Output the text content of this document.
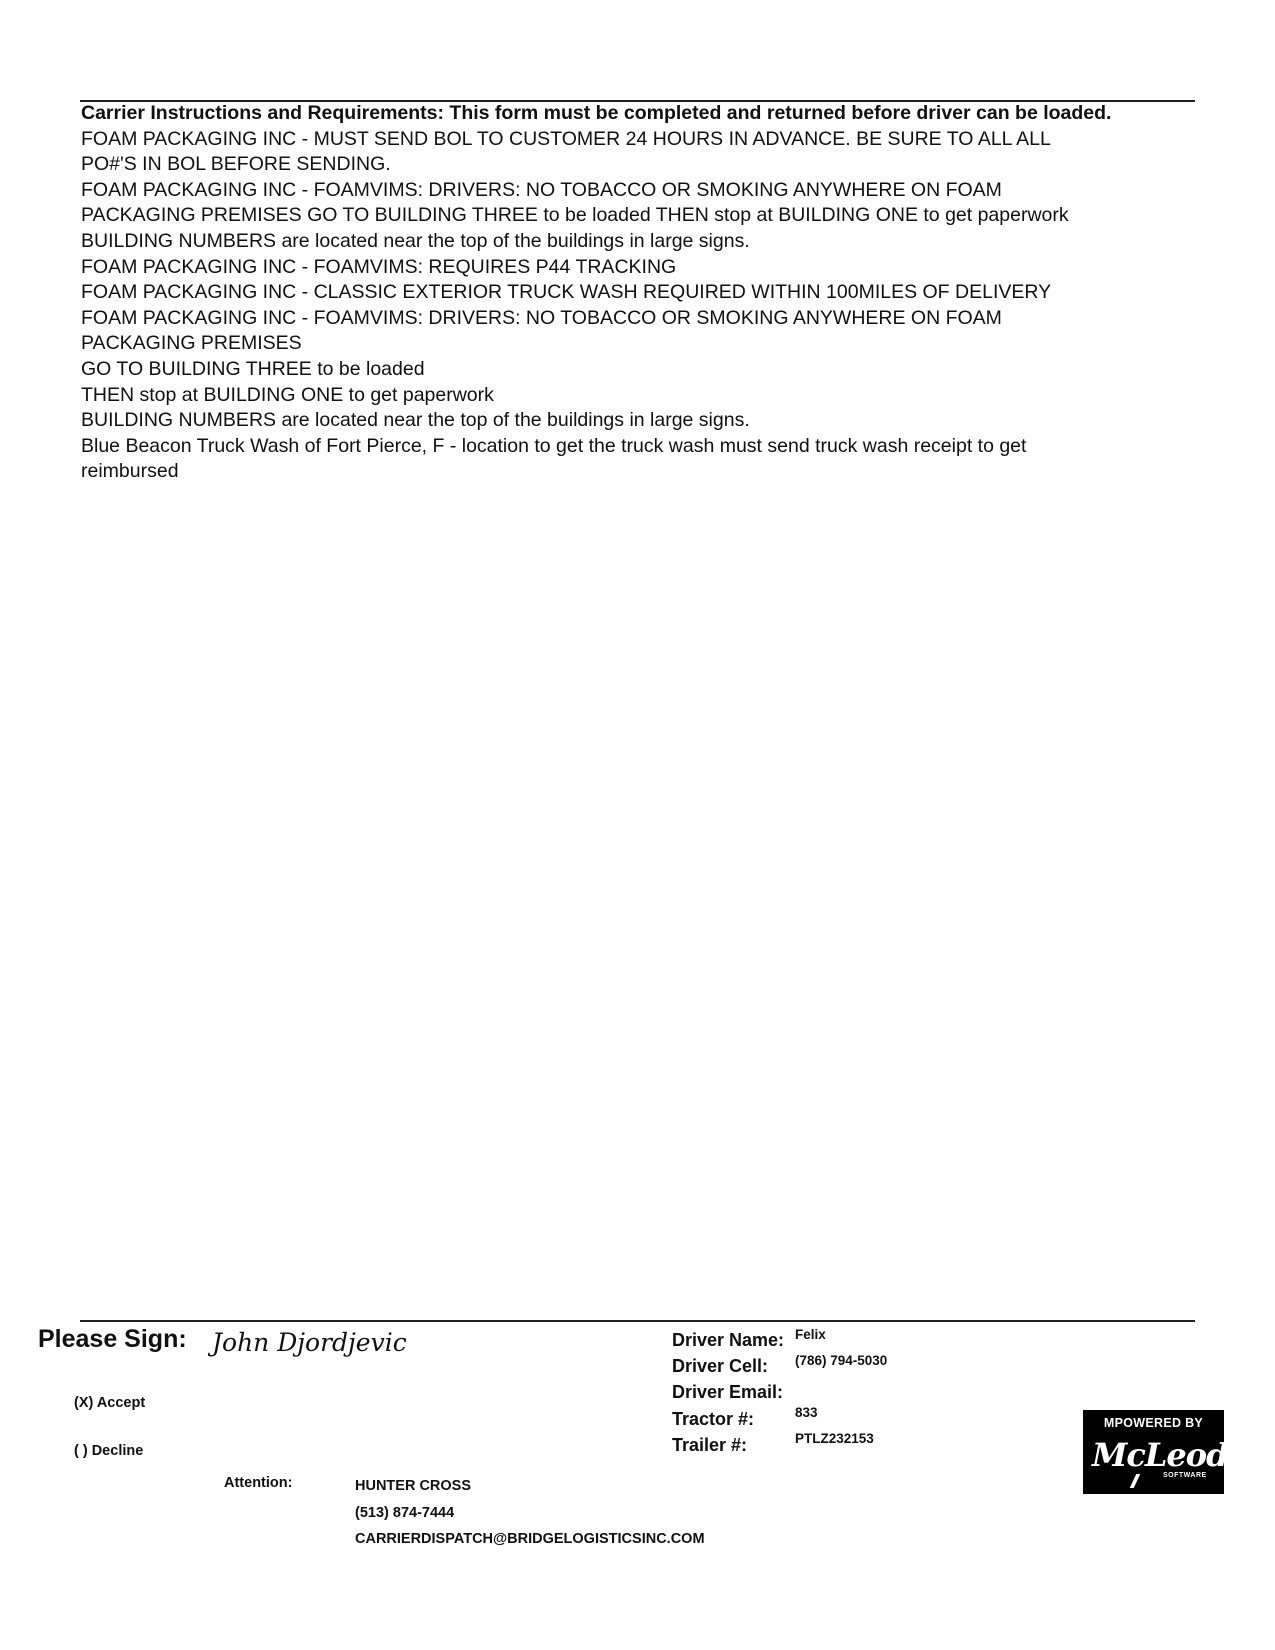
Carrier Instructions and Requirements: This form must be completed and returned before driver can be loaded.
FOAM PACKAGING INC - MUST SEND BOL TO CUSTOMER 24 HOURS IN ADVANCE. BE SURE TO ALL ALL
PO#'S IN BOL BEFORE SENDING.
FOAM PACKAGING INC - FOAMVIMS: DRIVERS: NO TOBACCO OR SMOKING ANYWHERE ON FOAM
PACKAGING PREMISES GO TO BUILDING THREE to be loaded THEN stop at BUILDING ONE to get paperwork
BUILDING NUMBERS are located near the top of the buildings in large signs.
FOAM PACKAGING INC - FOAMVIMS: REQUIRES P44 TRACKING
FOAM PACKAGING INC - CLASSIC EXTERIOR TRUCK WASH REQUIRED WITHIN 100MILES OF DELIVERY
FOAM PACKAGING INC - FOAMVIMS: DRIVERS: NO TOBACCO OR SMOKING ANYWHERE ON FOAM
PACKAGING PREMISES
GO TO BUILDING THREE to be loaded
THEN stop at BUILDING ONE to get paperwork
BUILDING NUMBERS are located near the top of the buildings in large signs.
Blue Beacon Truck Wash of Fort Pierce, F - location to get the truck wash must send truck wash receipt to get
reimbursed
Please Sign: John Djordjevic
(X) Accept
( ) Decline
Attention:	HUNTER CROSS
(513) 874-7444
CARRIERDISPATCH@BRIDGELOGISTICSINC.COM
Driver Name:
Driver Cell:
Driver Email:
Tractor #:
Trailer #:
Felix
(786) 794-5030
833
PTLZ232153
MPOWERED BY
McLeod
SOFTWARE
